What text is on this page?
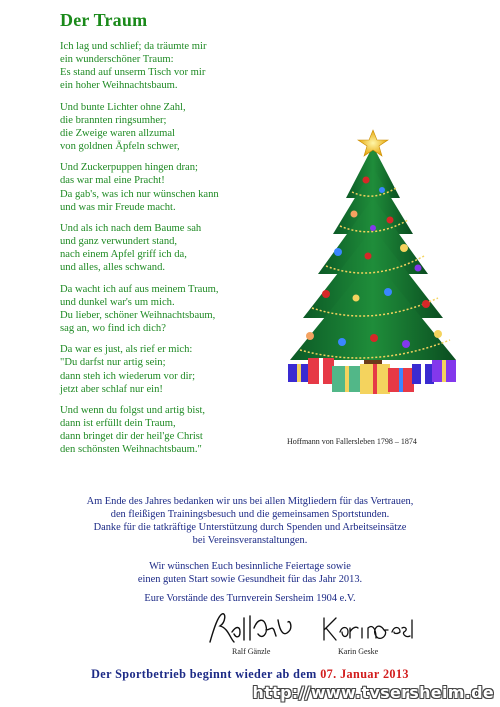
Der Traum
Ich lag und schlief; da träumte mir
ein wunderschöner Traum:
Es stand auf unserm Tisch vor mir
ein hoher Weihnachtsbaum.
Und bunte Lichter ohne Zahl,
die brannten ringsumher;
die Zweige waren allzumal
von goldnen Äpfeln schwer,
Und Zuckerpuppen hingen dran;
das war mal eine Pracht!
Da gab's, was ich nur wünschen kann
und was mir Freude macht.
Und als ich nach dem Baume sah
und ganz verwundert stand,
nach einem Apfel griff ich da,
und alles, alles schwand.
Da wacht ich auf aus meinem Traum,
und dunkel war's um mich.
Du lieber, schöner Weihnachtsbaum,
sag an, wo find ich dich?
Da war es just, als rief er mich:
"Du darfst nur artig sein;
dann steh ich wiederum vor dir;
jetzt aber schlaf nur ein!
Und wenn du folgst und artig bist,
dann ist erfüllt dein Traum,
dann bringet dir der heil'ge Christ
den schönsten Weihnachtsbaum."
Hoffmann von Fallersleben 1798 – 1874
Am Ende des Jahres bedanken wir uns bei allen Mitgliedern für das Vertrauen,
den fleißigen Trainingsbesuch und die gemeinsamen Sportstunden.
Danke für die tatkräftige Unterstützung durch Spenden und Arbeitseinsätze
bei Vereinsveranstaltungen.
Wir wünschen Euch besinnliche Feiertage sowie
einen guten Start sowie Gesundheit für das Jahr 2013.
Eure Vorstände des Turnverein Sersheim 1904 e.V.
Ralf Gänzle	Karin Geske
Der Sportbetrieb beginnt wieder ab dem 07. Januar 2013
http://www.tvsersheim.de
